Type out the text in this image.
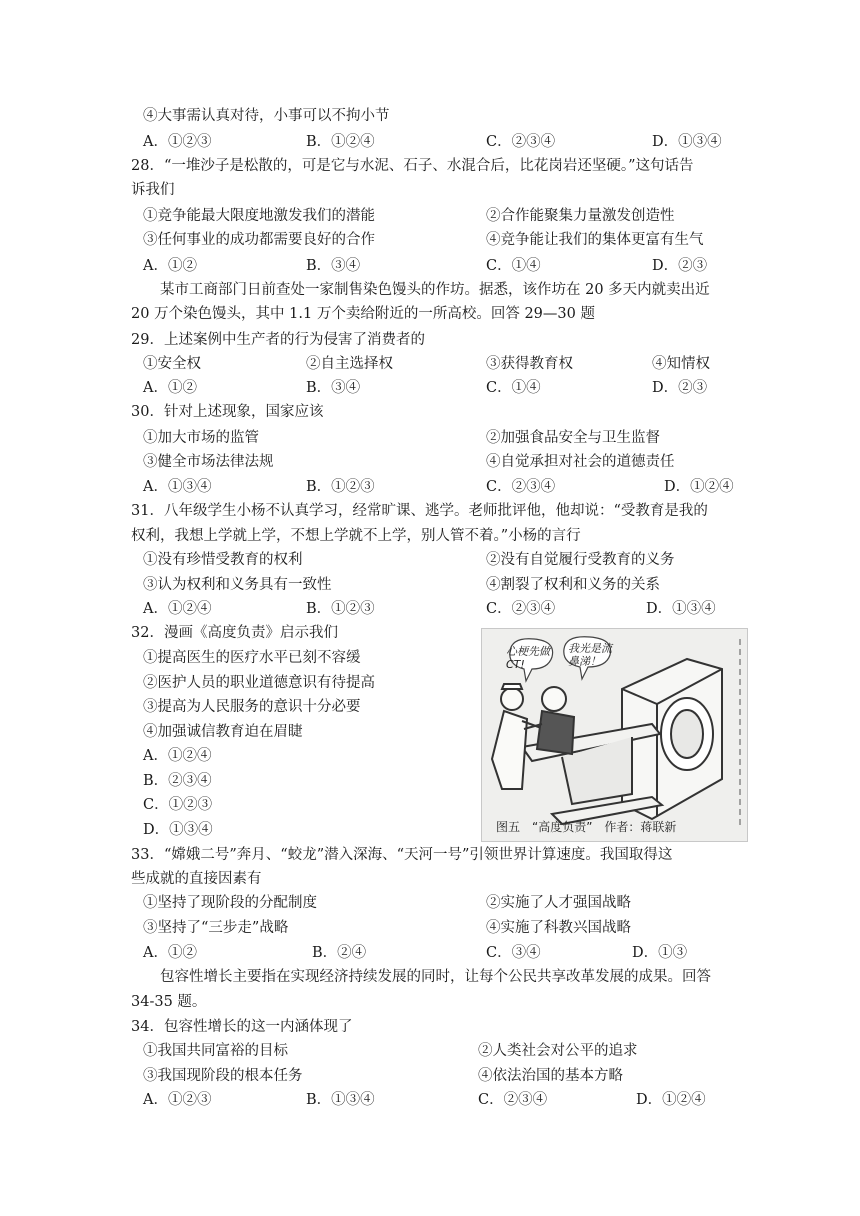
④大事需认真对待，小事可以不拘小节
A．①②③	B．①②④	C．②③④	D．①③④
28．“一堆沙子是松散的，可是它与水泥、石子、水混合后，比花岗岩还坚硬。”这句话告
诉我们
①竞争能最大限度地激发我们的潜能	②合作能聚集力量激发创造性
③任何事业的成功都需要良好的合作	④竞争能让我们的集体更富有生气
A．①②	B．③④	C．①④	D．②③
某市工商部门日前查处一家制售染色馒头的作坊。据悉，该作坊在 20 多天内就卖出近
20 万个染色馒头，其中 1.1 万个卖给附近的一所高校。回答 29—30 题
29．上述案例中生产者的行为侵害了消费者的
①安全权	②自主选择权	③获得教育权	④知情权
A．①②	B．③④	C．①④	D．②③
30．针对上述现象，国家应该
①加大市场的监管	②加强食品安全与卫生监督
③健全市场法律法规	④自觉承担对社会的道德责任
A．①③④	B．①②③	C．②③④	D．①②④
31．八年级学生小杨不认真学习，经常旷课、逃学。老师批评他，他却说：“受教育是我的
权利，我想上学就上学，不想上学就不上学，别人管不着。”小杨的言行
①没有珍惜受教育的权利	②没有自觉履行受教育的义务
③认为权利和义务具有一致性	④割裂了权利和义务的关系
A．①②④	B．①②③	C．②③④	D．①③④
32．漫画《高度负责》启示我们
①提高医生的医疗水平已刻不容缓
②医护人员的职业道德意识有待提高
③提高为人民服务的意识十分必要
④加强诚信教育迫在眉睫
A．①②④
B．②③④
C．①②③
D．①③④
心梗先做CT!
我光是流鼻涕！
图五　“高度负责”　作者：蒋联新
33．“嫦娥二号”奔月、“蛟龙”潜入深海、“天河一号”引领世界计算速度。我国取得这
些成就的直接因素有
①坚持了现阶段的分配制度	②实施了人才强国战略
③坚持了“三步走”战略	④实施了科教兴国战略
A．①②	B．②④	C．③④	D．①③
包容性增长主要指在实现经济持续发展的同时，让每个公民共享改革发展的成果。回答
34-35 题。
34．包容性增长的这一内涵体现了
①我国共同富裕的目标	②人类社会对公平的追求
③我国现阶段的根本任务	④依法治国的基本方略
A．①②③	B．①③④	C．②③④	D．①②④
